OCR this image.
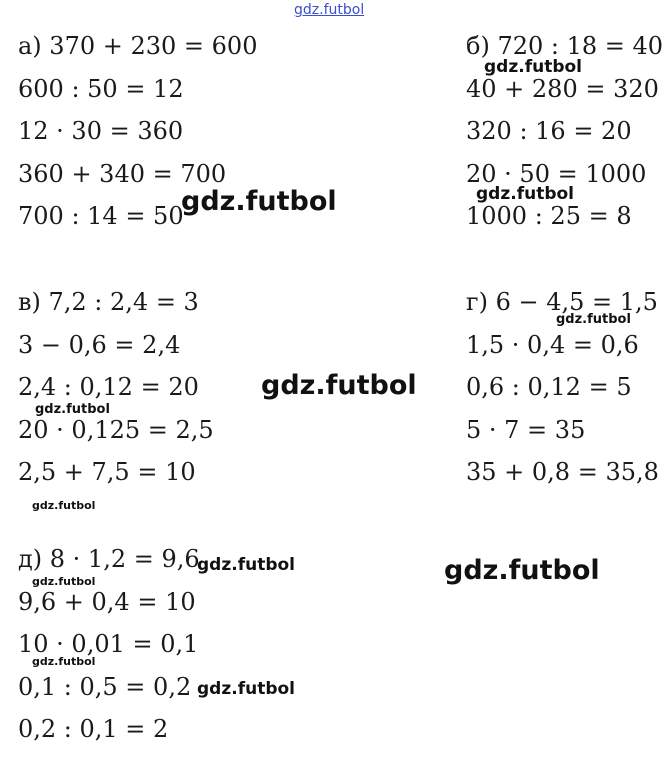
а) 370 + 230 = 600
600 : 50 = 12
12 · 30 = 360
360 + 340 = 700
700 : 14 = 50
б) 720 : 18 = 40
40 + 280 = 320
320 : 16 = 20
20 · 50 = 1000
1000 : 25 = 8
в) 7,2 : 2,4 = 3
3 − 0,6 = 2,4
2,4 : 0,12 = 20
20 · 0,125 = 2,5
2,5 + 7,5 = 10
г) 6 − 4,5 = 1,5
1,5 · 0,4 = 0,6
0,6 : 0,12 = 5
5 · 7 = 35
35 + 0,8 = 35,8
д) 8 · 1,2 = 9,6
9,6 + 0,4 = 10
10 · 0,01 = 0,1
0,1 : 0,5 = 0,2
0,2 : 0,1 = 2
gdz.futbol
gdz.futbol
gdz.futbol
gdz.futbol
gdz.futbol
gdz.futbol
gdz.futbol
gdz.futbol
gdz.futbol	gdz.futbol
gdz.futbol
gdz.futbol
gdz.futbol
